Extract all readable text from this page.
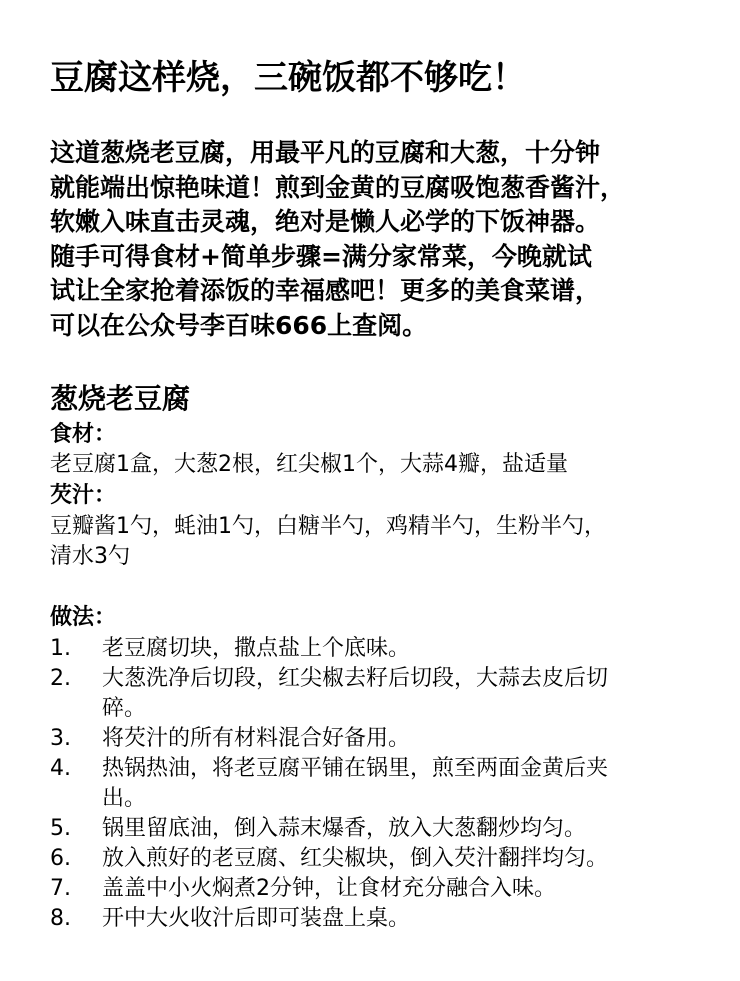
豆腐这样烧，三碗饭都不够吃！
这道葱烧老豆腐，用最平凡的豆腐和大葱，十分钟
就能端出惊艳味道！煎到金黄的豆腐吸饱葱香酱汁，
软嫩入味直击灵魂，绝对是懒人必学的下饭神器。
随手可得食材+简单步骤=满分家常菜，今晚就试
试让全家抢着添饭的幸福感吧！更多的美食菜谱，
可以在公众号李百味666上查阅。
葱烧老豆腐
食材：
老豆腐1盒，大葱2根，红尖椒1个，大蒜4瓣，盐适量
芡汁：
豆瓣酱1勺，蚝油1勺，白糖半勺，鸡精半勺，生粉半勺，
清水3勺
做法：
1. 老豆腐切块，撒点盐上个底味。
2. 大葱洗净后切段，红尖椒去籽后切段，大蒜去皮后切
碎。
3. 将芡汁的所有材料混合好备用。
4. 热锅热油，将老豆腐平铺在锅里，煎至两面金黄后夹
出。
5. 锅里留底油，倒入蒜末爆香，放入大葱翻炒均匀。
6. 放入煎好的老豆腐、红尖椒块，倒入芡汁翻拌均匀。
7. 盖盖中小火焖煮2分钟，让食材充分融合入味。
8. 开中大火收汁后即可装盘上桌。
